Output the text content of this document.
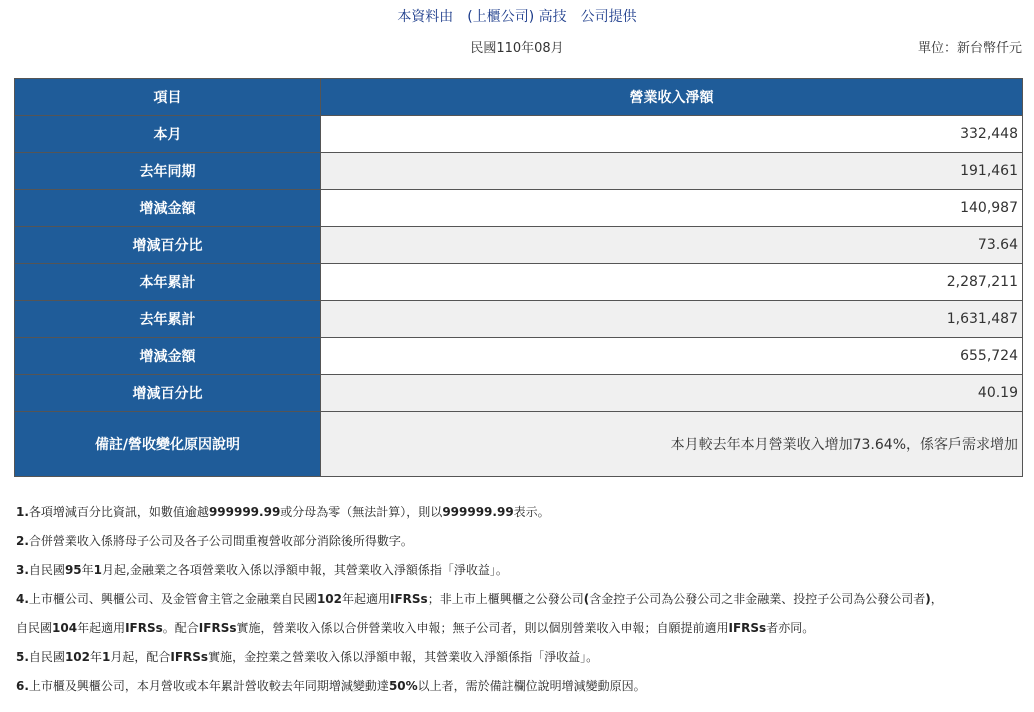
本資料由　(上櫃公司) 高技　公司提供
民國110年08月	單位：新台幣仟元
項目	營業收入淨額
本月	332,448
去年同期	191,461
增減金額	140,987
增減百分比	73.64
本年累計	2,287,211
去年累計	1,631,487
增減金額	655,724
增減百分比	40.19
備註/營收變化原因說明	本月較去年本月營業收入增加73.64%，係客戶需求增加

1.各項增減百分比資訊，如數值逾越999999.99或分母為零（無法計算），則以999999.99表示。

2.合併營業收入係將母子公司及各子公司間重複營收部分消除後所得數字。

3.自民國95年1月起,金融業之各項營業收入係以淨額申報，其營業收入淨額係指「淨收益」。

4.上市櫃公司、興櫃公司、及金管會主管之金融業自民國102年起適用IFRSs；非上市上櫃興櫃之公發公司(含金控子公司為公發公司之非金融業、投控子公司為公發公司者)，

自民國104年起適用IFRSs。配合IFRSs實施，營業收入係以合併營業收入申報；無子公司者，則以個別營業收入申報；自願提前適用IFRSs者亦同。

5.自民國102年1月起，配合IFRSs實施，金控業之營業收入係以淨額申報，其營業收入淨額係指「淨收益」。

6.上市櫃及興櫃公司，本月營收或本年累計營收較去年同期增減變動達50%以上者，需於備註欄位說明增減變動原因。
